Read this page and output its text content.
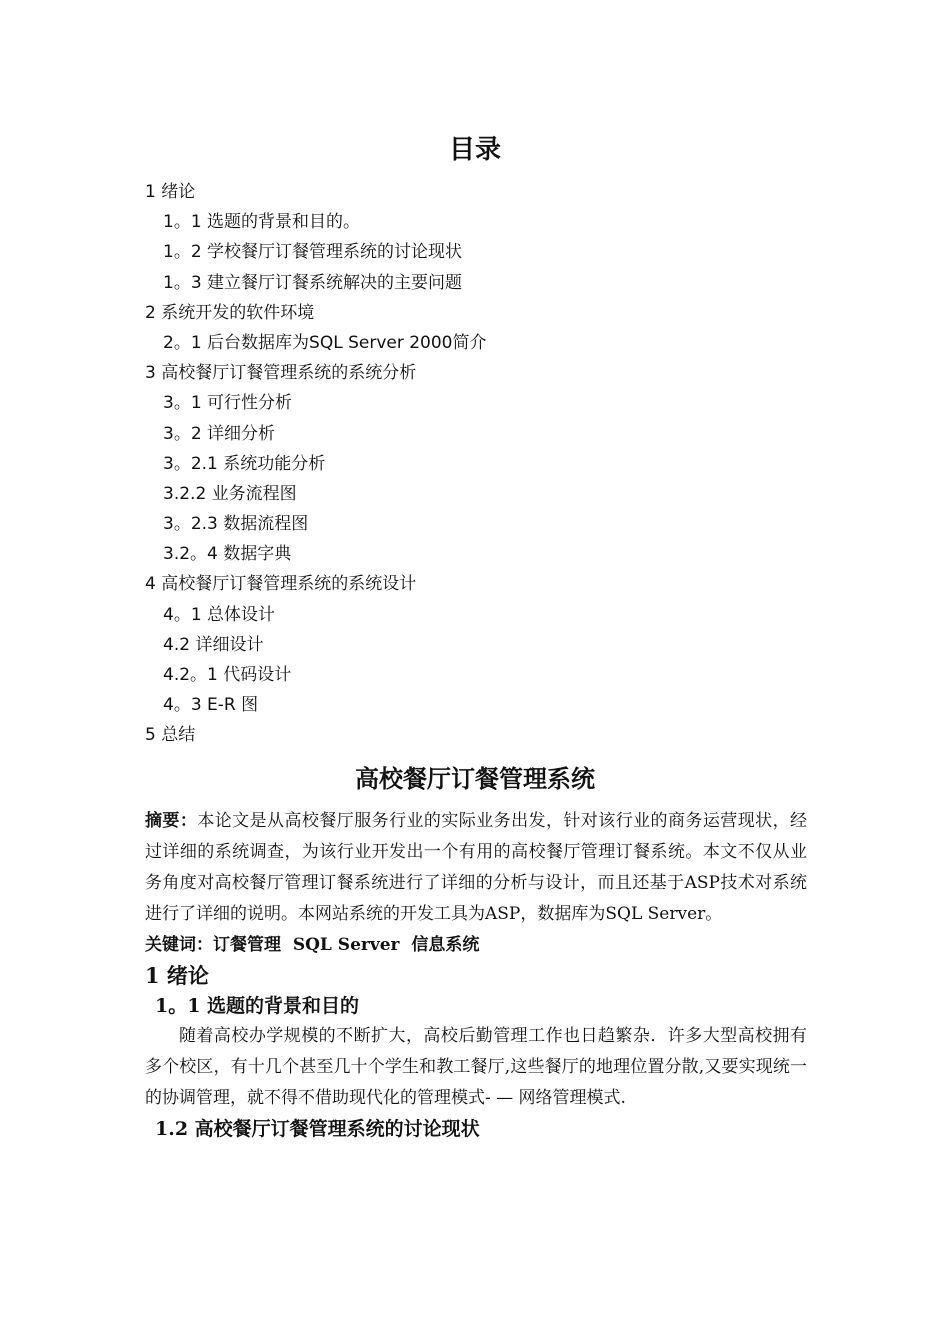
目录
1 绪论
1。1 选题的背景和目的。
1。2 学校餐厅订餐管理系统的讨论现状
1。3 建立餐厅订餐系统解决的主要问题
2 系统开发的软件环境
2。1 后台数据库为SQL Server 2000简介
3 高校餐厅订餐管理系统的系统分析
3。1 可行性分析
3。2 详细分析
3。2.1 系统功能分析
3.2.2 业务流程图
3。2.3 数据流程图
3.2。4 数据字典
4 高校餐厅订餐管理系统的系统设计
4。1 总体设计
4.2 详细设计
4.2。1 代码设计
4。3 E-R 图
5 总结
高校餐厅订餐管理系统

摘要：本论文是从高校餐厅服务行业的实际业务出发，针对该行业的商务运营现状，经过详细的系统调查，为该行业开发出一个有用的高校餐厅管理订餐系统。本文不仅从业务角度对高校餐厅管理订餐系统进行了详细的分析与设计，而且还基于ASP技术对系统进行了详细的说明。本网站系统的开发工具为ASP，数据库为SQL Server。

关键词：订餐管理  SQL Server  信息系统

1 绪论

1。1 选题的背景和目的

随着高校办学规模的不断扩大，高校后勤管理工作也日趋繁杂．许多大型高校拥有多个校区，有十几个甚至几十个学生和教工餐厅,这些餐厅的地理位置分散,又要实现统一的协调管理，就不得不借助现代化的管理模式- — 网络管理模式.

1.2 高校餐厅订餐管理系统的讨论现状
